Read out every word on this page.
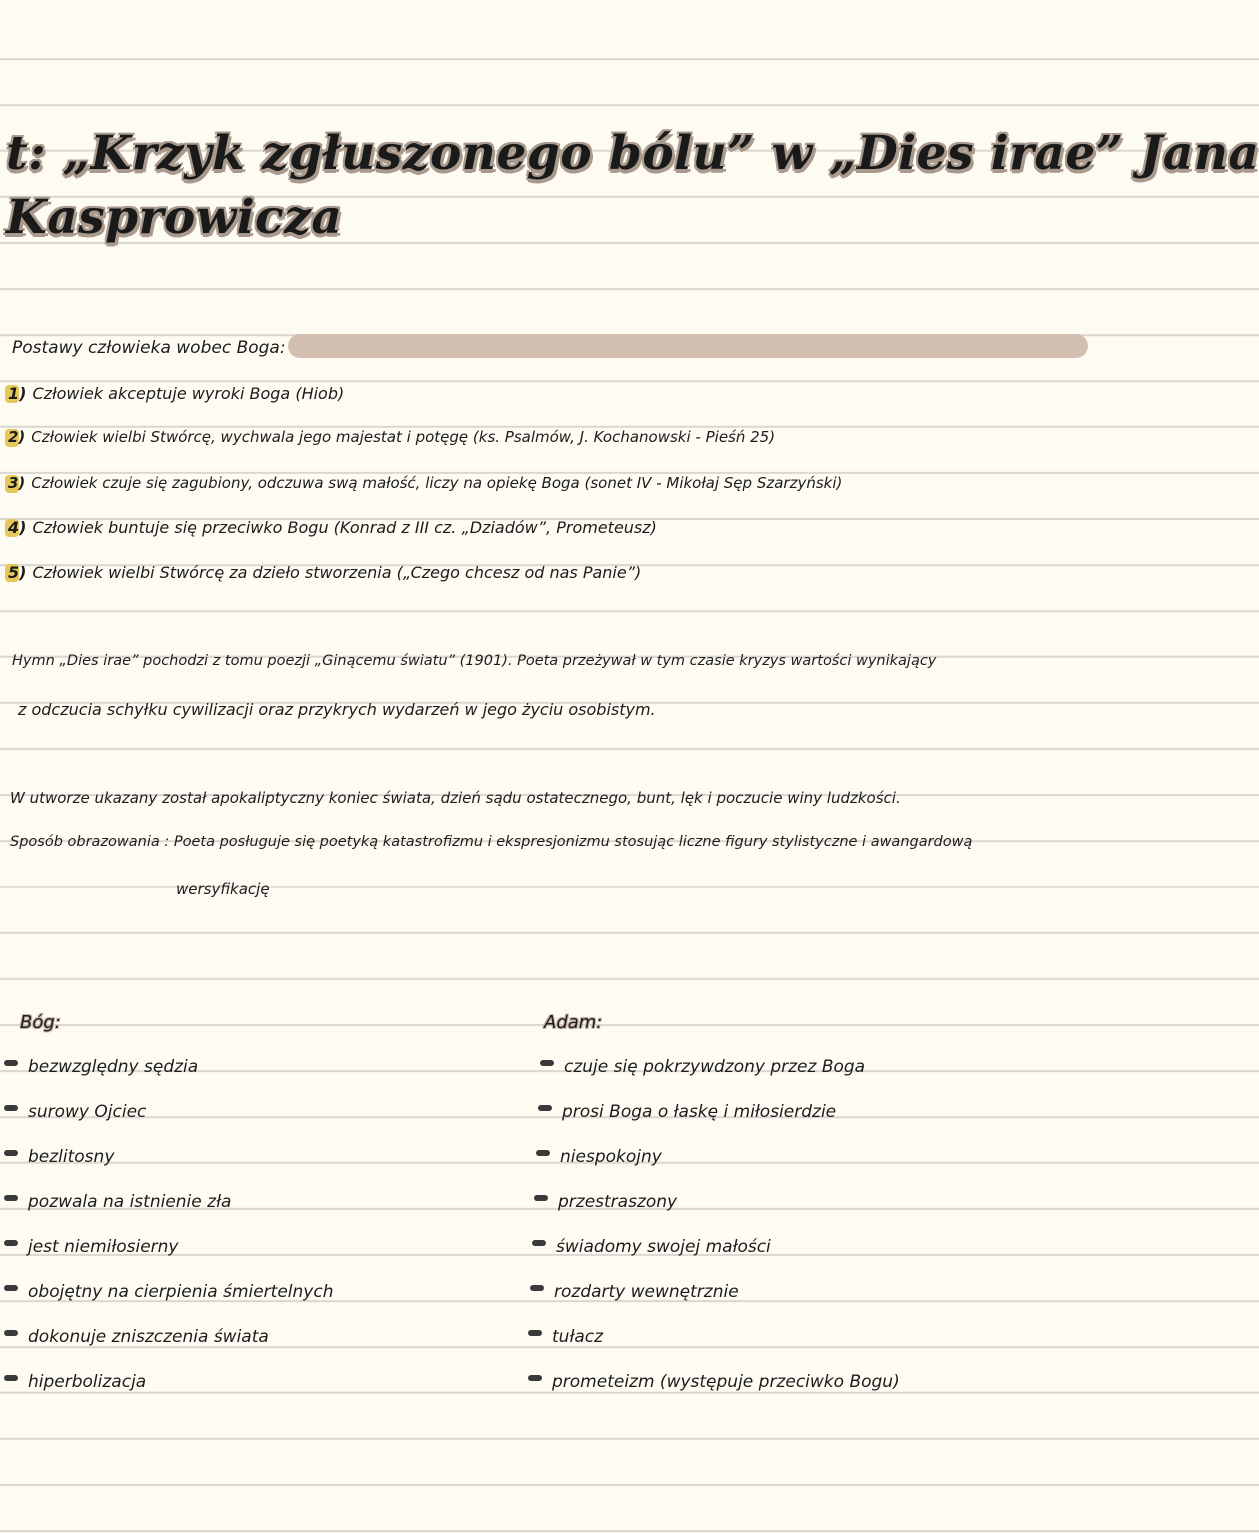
t: „Krzyk zgłuszonego bólu” w „Dies irae” Jana
Kasprowicza
Postawy człowieka wobec Boga:
1) Człowiek akceptuje wyroki Boga (Hiob)
2) Człowiek wielbi Stwórcę, wychwala jego majestat i potęgę (ks. Psalmów, J. Kochanowski - Pieśń 25)
3) Człowiek czuje się zagubiony, odczuwa swą małość, liczy na opiekę Boga (sonet IV - Mikołaj Sęp Szarzyński)
4) Człowiek buntuje się przeciwko Bogu (Konrad z III cz. „Dziadów”, Prometeusz)
5) Człowiek wielbi Stwórcę za dzieło stworzenia („Czego chcesz od nas Panie”)
Hymn „Dies irae” pochodzi z tomu poezji „Ginącemu światu” (1901). Poeta przeżywał w tym czasie kryzys wartości wynikający
z odczucia schyłku cywilizacji oraz przykrych wydarzeń w jego życiu osobistym.
W utworze ukazany został apokaliptyczny koniec świata, dzień sądu ostatecznego, bunt, lęk i poczucie winy ludzkości.
Sposób obrazowania : Poeta posługuje się poetyką katastrofizmu i ekspresjonizmu stosując liczne figury stylistyczne i awangardową
wersyfikację
Bóg:	Adam:
bezwzględny sędzia
surowy Ojciec
bezlitosny
pozwala na istnienie zła
jest niemiłosierny
obojętny na cierpienia śmiertelnych
dokonuje zniszczenia świata
hiperbolizacja
czuje się pokrzywdzony przez Boga
prosi Boga o łaskę i miłosierdzie
niespokojny
przestraszony
świadomy swojej małości
rozdarty wewnętrznie
tułacz
prometeizm (występuje przeciwko Bogu)
